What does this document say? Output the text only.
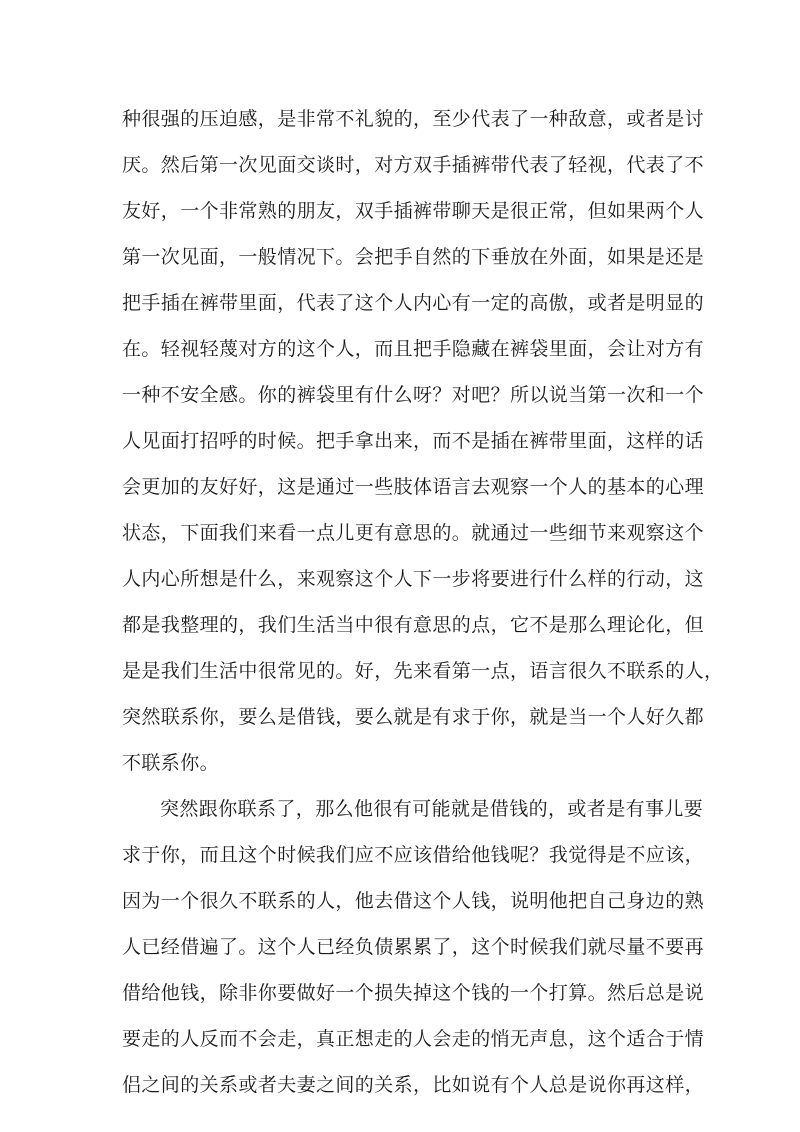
种很强的压迫感，是非常不礼貌的，至少代表了一种敌意，或者是讨
厌。然后第一次见面交谈时，对方双手插裤带代表了轻视，代表了不
友好，一个非常熟的朋友，双手插裤带聊天是很正常，但如果两个人
第一次见面，一般情况下。会把手自然的下垂放在外面，如果是还是
把手插在裤带里面，代表了这个人内心有一定的高傲，或者是明显的
在。轻视轻蔑对方的这个人，而且把手隐藏在裤袋里面，会让对方有
一种不安全感。你的裤袋里有什么呀？对吧？所以说当第一次和一个
人见面打招呼的时候。把手拿出来，而不是插在裤带里面，这样的话
会更加的友好好，这是通过一些肢体语言去观察一个人的基本的心理
状态，下面我们来看一点儿更有意思的。就通过一些细节来观察这个
人内心所想是什么，来观察这个人下一步将要进行什么样的行动，这
都是我整理的，我们生活当中很有意思的点，它不是那么理论化，但
是是我们生活中很常见的。好，先来看第一点，语言很久不联系的人，
突然联系你，要么是借钱，要么就是有求于你，就是当一个人好久都
不联系你。
突然跟你联系了，那么他很有可能就是借钱的，或者是有事儿要
求于你，而且这个时候我们应不应该借给他钱呢？我觉得是不应该，
因为一个很久不联系的人，他去借这个人钱，说明他把自己身边的熟
人已经借遍了。这个人已经负债累累了，这个时候我们就尽量不要再
借给他钱，除非你要做好一个损失掉这个钱的一个打算。然后总是说
要走的人反而不会走，真正想走的人会走的悄无声息，这个适合于情
侣之间的关系或者夫妻之间的关系，比如说有个人总是说你再这样，
